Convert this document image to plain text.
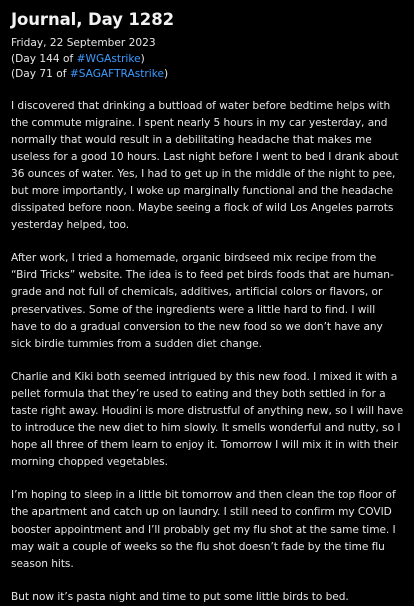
Journal, Day 1282
Friday, 22 September 2023
(Day 144 of #WGAstrike)
(Day 71 of #SAGAFTRAstrike)

I discovered that drinking a buttload of water before bedtime helps with the commute migraine. I spent nearly 5 hours in my car yesterday, and normally that would result in a debilitating headache that makes me useless for a good 10 hours. Last night before I went to bed I drank about 36 ounces of water. Yes, I had to get up in the middle of the night to pee, but more importantly, I woke up marginally functional and the headache dissipated before noon. Maybe seeing a flock of wild Los Angeles parrots yesterday helped, too.

After work, I tried a homemade, organic birdseed mix recipe from the “Bird Tricks” website. The idea is to feed pet birds foods that are human-grade and not full of chemicals, additives, artificial colors or flavors, or preservatives. Some of the ingredients were a little hard to find. I will have to do a gradual conversion to the new food so we don’t have any sick birdie tummies from a sudden diet change.

Charlie and Kiki both seemed intrigued by this new food. I mixed it with a pellet formula that they’re used to eating and they both settled in for a taste right away. Houdini is more distrustful of anything new, so I will have to introduce the new diet to him slowly. It smells wonderful and nutty, so I hope all three of them learn to enjoy it. Tomorrow I will mix it in with their morning chopped vegetables.

I’m hoping to sleep in a little bit tomorrow and then clean the top floor of the apartment and catch up on laundry. I still need to confirm my COVID booster appointment and I’ll probably get my flu shot at the same time. I may wait a couple of weeks so the flu shot doesn’t fade by the time flu season hits.

But now it’s pasta night and time to put some little birds to bed.
